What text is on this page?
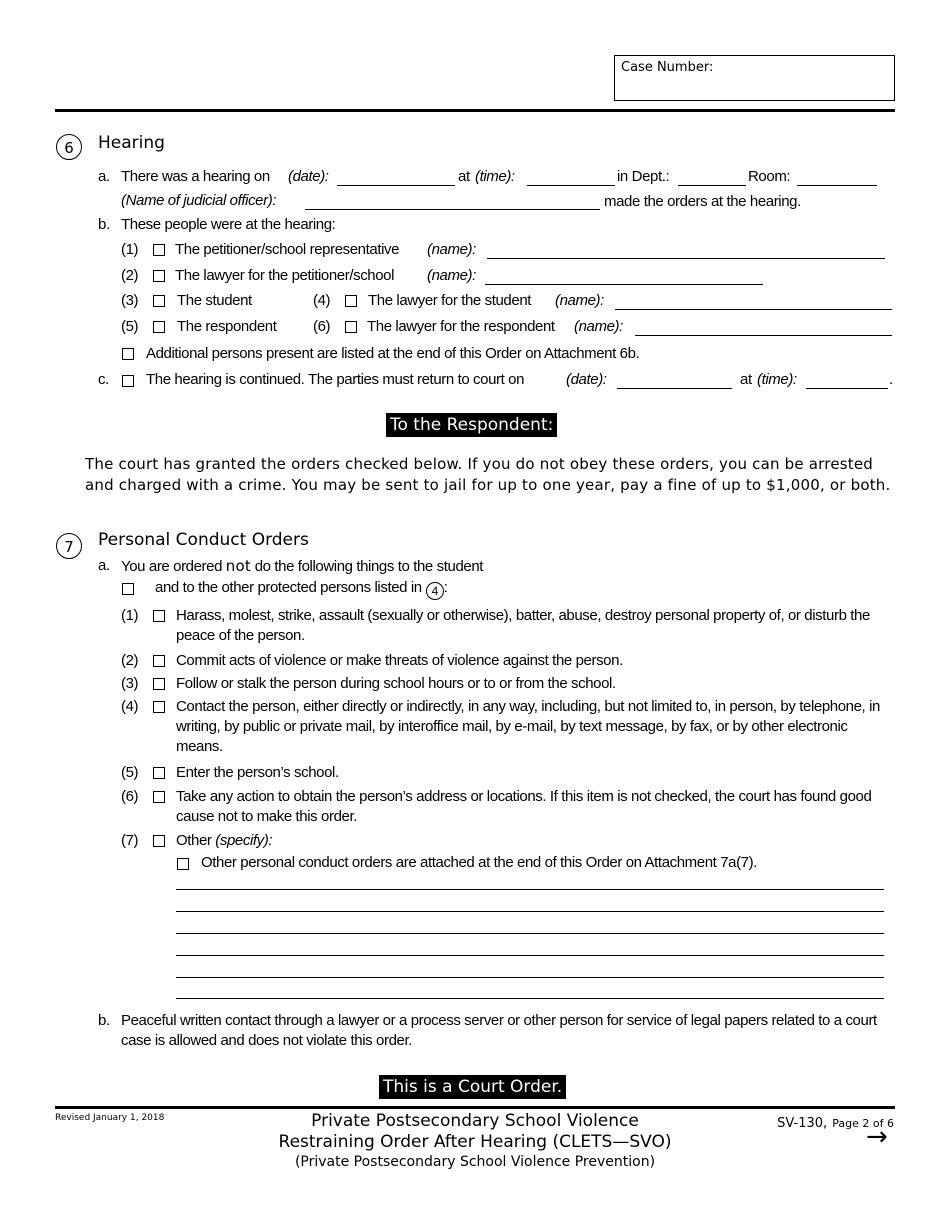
Case Number:
6	Hearing
a. There was a hearing on (date):	at (time):	in Dept.:	Room:
(Name of judicial officer):	made the orders at the hearing.
b. These people were at the hearing:
(1) The petitioner/school representative (name):
(2) The lawyer for the petitioner/school (name):
(3)	The student	(4)	The lawyer for the student (name):
(5)	The respondent (6) The lawyer for the respondent (name):
Additional persons present are listed at the end of this Order on Attachment 6b.
c. The hearing is continued. The parties must return to court on	(date):	at (time):	.
To the Respondent:
The court has granted the orders checked below. If you do not obey these orders, you can be arrested and charged with a crime. You may be sent to jail for up to one year, pay a fine of up to $1,000, or both.
7	Personal Conduct Orders
a. You are ordered not do the following things to the student
and to the other protected persons listed in 4 :
(1)	Harass, molest, strike, assault (sexually or otherwise), batter, abuse, destroy personal property of, or disturb the peace of the person.
(2)	Commit acts of violence or make threats of violence against the person.
(3)	Follow or stalk the person during school hours or to or from the school.
(4)	Contact the person, either directly or indirectly, in any way, including, but not limited to, in person, by telephone, in writing, by public or private mail, by interoffice mail, by e-mail, by text message, by fax, or by other electronic means.
(5)	Enter the person’s school.
(6)	Take any action to obtain the person’s address or locations. If this item is not checked, the court has found good cause not to make this order.
(7)	Other (specify):
Other personal conduct orders are attached at the end of this Order on Attachment 7a(7).
b. Peaceful written contact through a lawyer or a process server or other person for service of legal papers related to a court case is allowed and does not violate this order.
This is a Court Order.
Revised January 1, 2018	Private Postsecondary School Violence
Restraining Order After Hearing (CLETS—SVO)
(Private Postsecondary School Violence Prevention)
SV-130, Page 2 of 6
→
